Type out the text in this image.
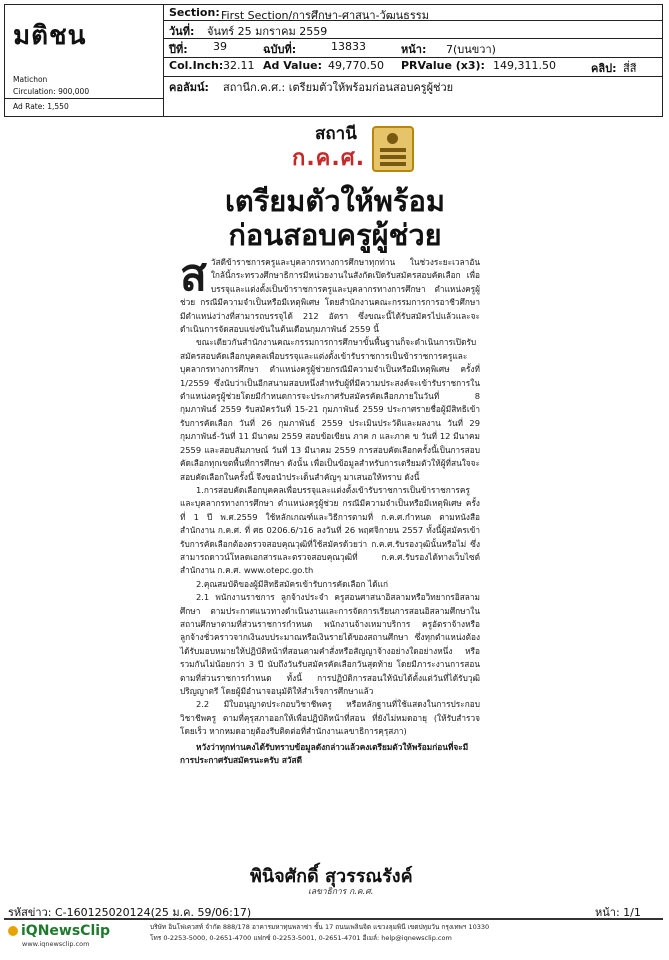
มติชน
Matichon
Circulation: 900,000
Ad Rate: 1,550
Section: First Section/การศึกษา-ศาสนา-วัฒนธรรม
วันที่: จันทร์ 25 มกราคม 2559
ปีที่: 39	ฉบับที่:	13833	หน้า: 7(บนขวา)
Col.Inch: 32.11 Ad Value: 49,770.50 PRValue (x3): 149,311.50	คลิป: สี่สี
คอลัมน์: สถานีก.ค.ศ.: เตรียมตัวให้พร้อมก่อนสอบครูผู้ช่วย
สถานี
ก.ค.ศ.
เตรียมตัวให้พร้อม
ก่อนสอบครูผู้ช่วย

สวัสดีข้าราชการครูและบุคลากรทางการศึกษาทุกท่าน ในช่วงระยะเวลาอันใกล้นี้กระทรวงศึกษาธิการมีหน่วยงานในสังกัดเปิดรับสมัครสอบคัดเลือก เพื่อบรรจุและแต่งตั้งเป็นข้าราชการครูและบุคลากรทางการศึกษา ตำแหน่งครูผู้ช่วย กรณีมีความจำเป็นหรือมีเหตุพิเศษ โดยสำนักงานคณะกรรมการการอาชีวศึกษา มีตำแหน่งว่างที่สามารถบรรจุได้ 212 อัตรา ซึ่งขณะนี้ได้รับสมัครไปแล้วและจะดำเนินการจัดสอบแข่งขันในต้นเดือนกุมภาพันธ์ 2559 นี้

ขณะเดียวกันสำนักงานคณะกรรมการการศึกษาขั้นพื้นฐานก็จะดำเนินการเปิดรับสมัครสอบคัดเลือกบุคคลเพื่อบรรจุและแต่งตั้งเข้ารับราชการเป็นข้าราชการครูและบุคลากรทางการศึกษา ตำแหน่งครูผู้ช่วยกรณีมีความจำเป็นหรือมีเหตุพิเศษ ครั้งที่ 1/2559 ซึ่งนับว่าเป็นอีกสนามสอบหนึ่งสำหรับผู้ที่มีความประสงค์จะเข้ารับราชการในตำแหน่งครูผู้ช่วยโดยมีกำหนดการจะประกาศรับสมัครคัดเลือกภายในวันที่ 8 กุมภาพันธ์ 2559 รับสมัครวันที่ 15-21 กุมภาพันธ์ 2559 ประกาศรายชื่อผู้มีสิทธิเข้ารับการคัดเลือก วันที่ 26 กุมภาพันธ์ 2559 ประเมินประวัติและผลงาน วันที่ 29 กุมภาพันธ์-วันที่ 11 มีนาคม 2559 สอบข้อเขียน ภาค ก และภาค ข วันที่ 12 มีนาคม 2559 และสอบสัมภาษณ์ วันที่ 13 มีนาคม 2559 การสอบคัดเลือกครั้งนี้เป็นการสอบคัดเลือกทุกเขตพื้นที่การศึกษา ดังนั้น เพื่อเป็นข้อมูลสำหรับการเตรียมตัวให้ผู้ที่สนใจจะสอบคัดเลือกในครั้งนี้ จึงขอนำประเด็นสำคัญๆ มาเสนอให้ทราบ ดังนี้

1.การสอบคัดเลือกบุคคลเพื่อบรรจุและแต่งตั้งเข้ารับราชการเป็นข้าราชการครูและบุคลากรทางการศึกษา ตำแหน่งครูผู้ช่วย กรณีมีความจำเป็นหรือมีเหตุพิเศษ ครั้งที่ 1 ปี พ.ศ.2559 ใช้หลักเกณฑ์และวิธีการตามที่ ก.ค.ศ.กำหนด ตามหนังสือสำนักงาน ก.ค.ศ. ที่ ศธ 0206.6/ว16 ลงวันที่ 26 พฤศจิกายน 2557 ทั้งนี้ผู้สมัครเข้ารับการคัดเลือกต้องตรวจสอบคุณวุฒิที่ใช้สมัครด้วยว่า ก.ค.ศ.รับรองวุฒินั้นหรือไม่ ซึ่งสามารถดาวน์โหลดเอกสารและตรวจสอบคุณวุฒิที่ ก.ค.ศ.รับรองได้ทางเว็บไซต์สำนักงาน ก.ค.ศ. www.otepc.go.th

2.คุณสมบัติของผู้มีสิทธิสมัครเข้ารับการคัดเลือก ได้แก่

2.1 พนักงานราชการ ลูกจ้างประจำ ครูสอนศาสนาอิสลามหรือวิทยากรอิสลามศึกษา ตามประกาศแนวทางดำเนินงานและการจัดการเรียนการสอนอิสลามศึกษาในสถานศึกษาตามที่ส่วนราชการกำหนด พนักงานจ้างเหมาบริการ ครูอัตราจ้างหรือลูกจ้างชั่วคราวจากเงินงบประมาณหรือเงินรายได้ของสถานศึกษา ซึ่งทุกตำแหน่งต้องได้รับมอบหมายให้ปฏิบัติหน้าที่สอนตามคำสั่งหรือสัญญาจ้างอย่างใดอย่างหนึ่ง หรือรวมกันไม่น้อยกว่า 3 ปี นับถึงวันรับสมัครคัดเลือกวันสุดท้าย โดยมีภาระงานการสอนตามที่ส่วนราชการกำหนด ทั้งนี้ การปฏิบัติการสอนให้นับได้ตั้งแต่วันที่ได้รับวุฒิปริญญาตรี โดยผู้มีอำนาจอนุมัติให้สำเร็จการศึกษาแล้ว

2.2 มีใบอนุญาตประกอบวิชาชีพครู หรือหลักฐานที่ใช้แสดงในการประกอบวิชาชีพครู ตามที่คุรุสภาออกให้เพื่อปฏิบัติหน้าที่สอน ที่ยังไม่หมดอายุ (ให้รับสำรวจโดยเร็ว หากหมดอายุต้องรีบติดต่อที่สำนักงานเลขาธิการคุรุสภา)

หวังว่าทุกท่านคงได้รับทราบข้อมูลดังกล่าวแล้วคงเตรียมตัวให้พร้อมก่อนที่จะมีการประกาศรับสมัครนะครับ สวัสดี

พินิจศักดิ์ สุวรรณรังค์
เลขาธิการ ก.ค.ศ.
รหัสข่าว: C-160125020124(25 ม.ค. 59/06:17)	หน้า: 1/1
iQNewsClip
www.iqnewsclip.com
บริษัท อินโฟเควสท์ จำกัด 888/178 อาคารมหาทุนพลาซ่า ชั้น 17 ถนนเพลินจิต แขวงลุมพินี เขตปทุมวัน กรุงเทพฯ 10330
โทร 0-2253-5000, 0-2651-4700 แฟกซ์ 0-2253-5001, 0-2651-4701 อีเมล์: help@iqnewsclip.com
